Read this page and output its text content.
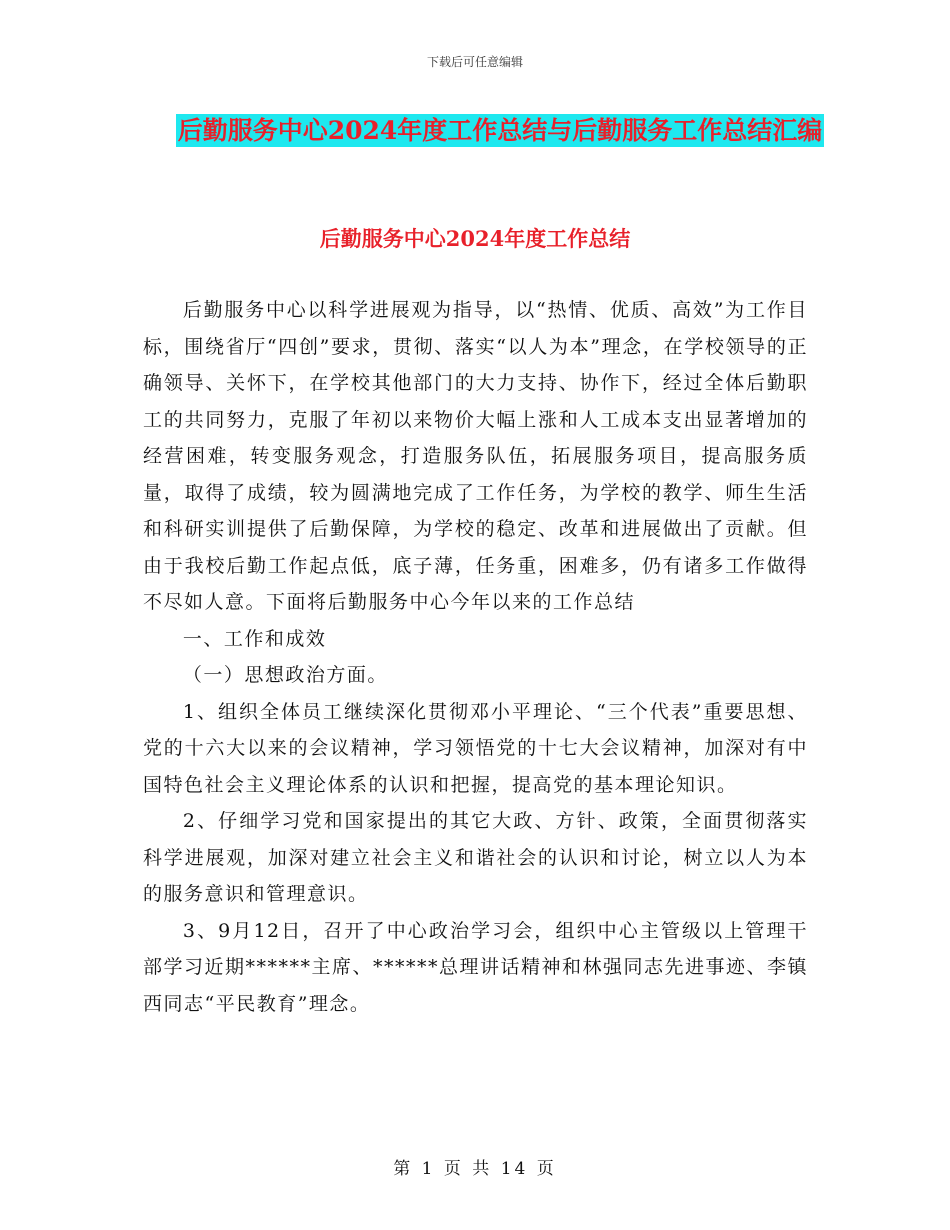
下载后可任意编辑
后勤服务中心2024年度工作总结与后勤服务工作总结汇编
后勤服务中心2024年度工作总结

后勤服务中心以科学进展观为指导，以“热情、优质、高效”为工作目标，围绕省厅“四创”要求，贯彻、落实“以人为本”理念，在学校领导的正确领导、关怀下，在学校其他部门的大力支持、协作下，经过全体后勤职工的共同努力，克服了年初以来物价大幅上涨和人工成本支出显著增加的经营困难，转变服务观念，打造服务队伍，拓展服务项目，提高服务质量，取得了成绩，较为圆满地完成了工作任务，为学校的教学、师生生活和科研实训提供了后勤保障，为学校的稳定、改革和进展做出了贡献。但由于我校后勤工作起点低，底子薄，任务重，困难多，仍有诸多工作做得不尽如人意。下面将后勤服务中心今年以来的工作总结

一、工作和成效

（一）思想政治方面。

1、组织全体员工继续深化贯彻邓小平理论、“三个代表”重要思想、党的十六大以来的会议精神，学习领悟党的十七大会议精神，加深对有中国特色社会主义理论体系的认识和把握，提高党的基本理论知识。

2、仔细学习党和国家提出的其它大政、方针、政策，全面贯彻落实科学进展观，加深对建立社会主义和谐社会的认识和讨论，树立以人为本的服务意识和管理意识。

3、9月12日，召开了中心政治学习会，组织中心主管级以上管理干部学习近期******主席、******总理讲话精神和林强同志先进事迹、李镇西同志“平民教育”理念。

第 1 页 共 14 页
